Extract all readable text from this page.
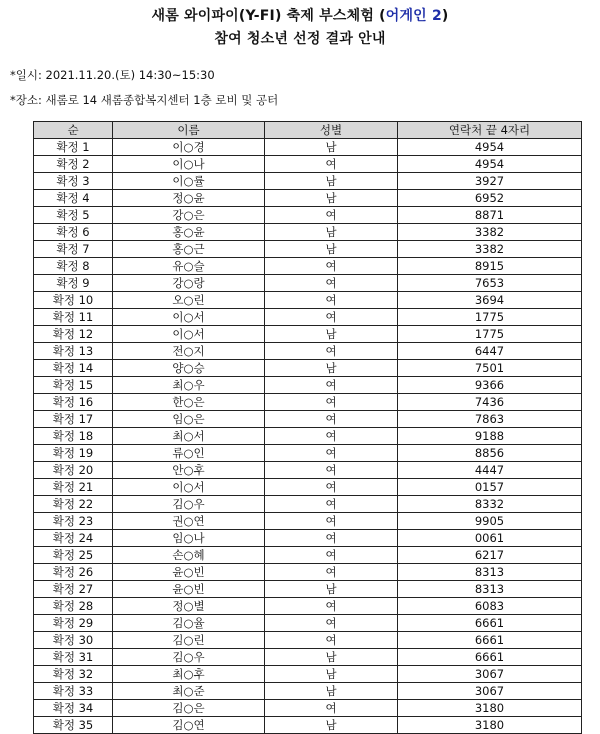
새롬 와이파이(Y-FI) 축제 부스체험 (어게인 2)
참여 청소년 선정 결과 안내
*일시: 2021.11.20.(토) 14:30~15:30
*장소: 새롬로 14 새롬종합복지센터 1층 로비 및 공터
순	이름	성별	연락처 끝 4자리
확정 1	이○경	남	4954
확정 2	이○나	여	4954
확정 3	이○률	남	3927
확정 4	정○윤	남	6952
확정 5	강○은	여	8871
확정 6	홍○윤	남	3382
확정 7	홍○근	남	3382
확정 8	유○슬	여	8915
확정 9	강○랑	여	7653
확정 10	오○린	여	3694
확정 11	이○서	여	1775
확정 12	이○서	남	1775
확정 13	전○지	여	6447
확정 14	양○승	남	7501
확정 15	최○우	여	9366
확정 16	한○은	여	7436
확정 17	임○은	여	7863
확정 18	최○서	여	9188
확정 19	류○인	여	8856
확정 20	안○후	여	4447
확정 21	이○서	여	0157
확정 22	김○우	여	8332
확정 23	권○연	여	9905
확정 24	임○나	여	0061
확정 25	손○혜	여	6217
확정 26	윤○빈	여	8313
확정 27	윤○빈	남	8313
확정 28	정○별	여	6083
확정 29	김○율	여	6661
확정 30	김○린	여	6661
확정 31	김○우	남	6661
확정 32	최○후	남	3067
확정 33	최○준	남	3067
확정 34	김○은	여	3180
확정 35	김○연	남	3180
